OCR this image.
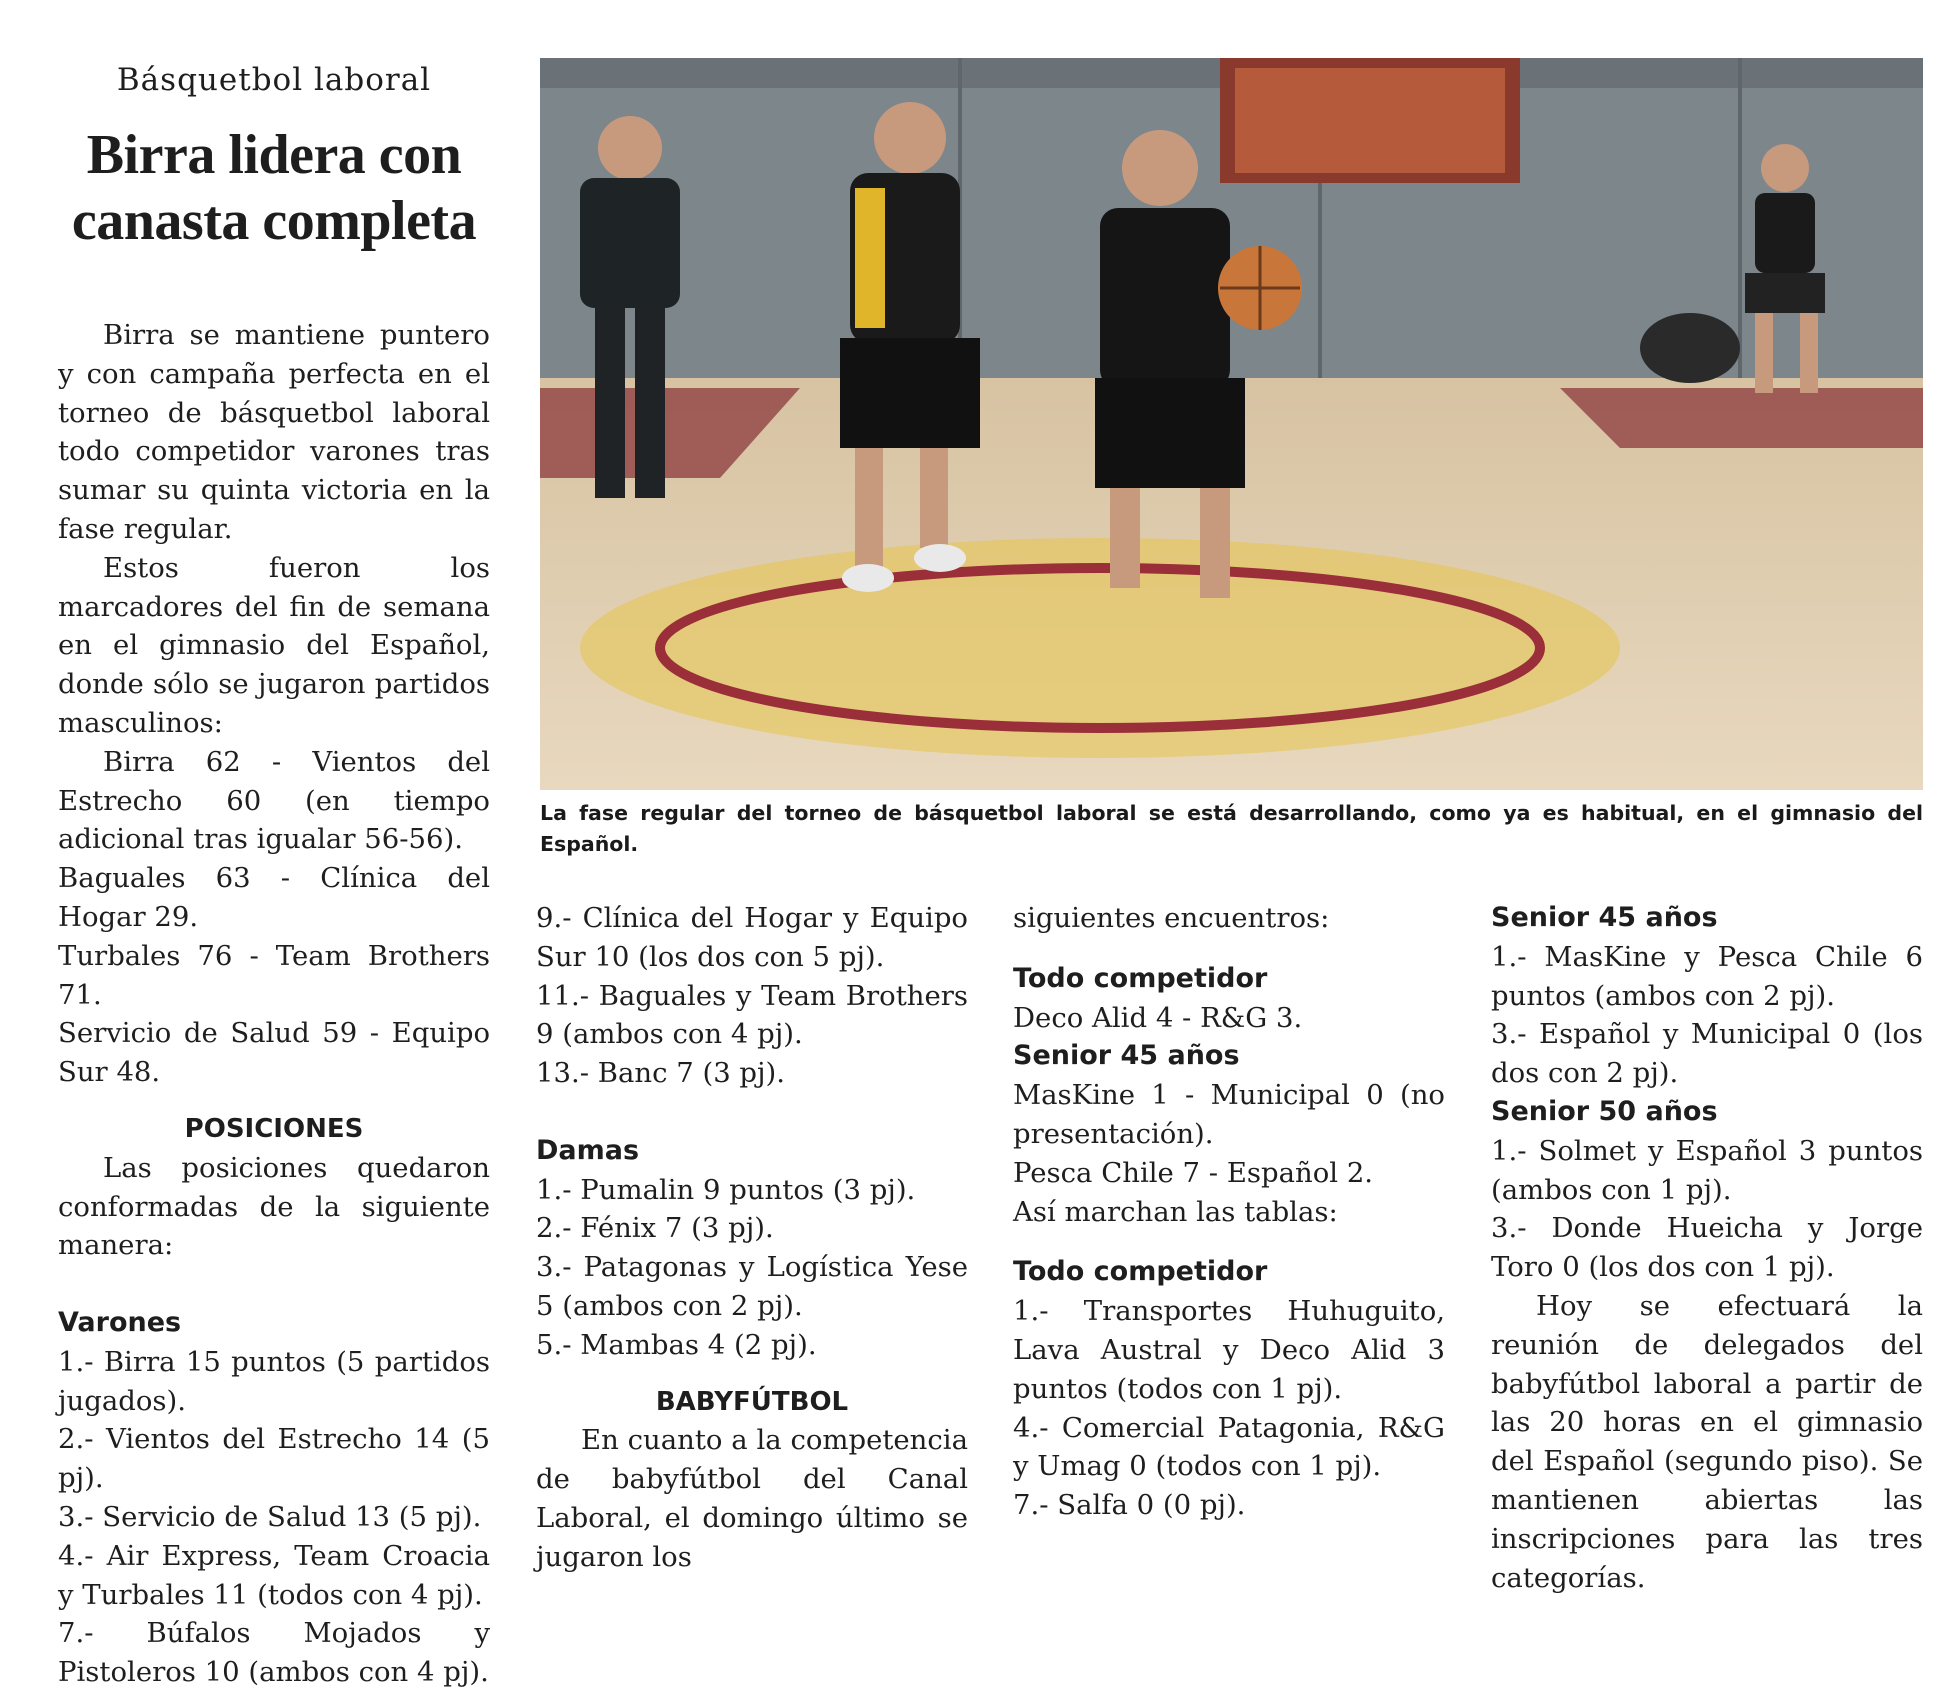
Básquetbol laboral
Birra lidera con canasta completa
La fase regular del torneo de básquetbol laboral se está desarrollando, como ya es habitual, en el gimnasio del Español.

Birra se mantiene puntero y con campaña perfecta en el torneo de básquetbol laboral todo competidor varones tras sumar su quinta victoria en la fase regular.

Estos fueron los marcadores del fin de semana en el gimnasio del Español, donde sólo se jugaron partidos masculinos:

Birra 62 - Vientos del Estrecho 60 (en tiempo adicional tras igualar 56-56).

Baguales 63 - Clínica del Hogar 29.

Turbales 76 - Team Brothers 71.

Servicio de Salud 59 - Equipo Sur 48.

POSICIONES

Las posiciones quedaron conformadas de la siguiente manera:

Varones

1.- Birra 15 puntos (5 partidos jugados).

2.- Vientos del Estrecho 14 (5 pj).

3.- Servicio de Salud 13 (5 pj).

4.- Air Express, Team Croacia y Turbales 11 (todos con 4 pj).

7.- Búfalos Mojados y Pistoleros 10 (ambos con 4 pj).

9.- Clínica del Hogar y Equipo Sur 10 (los dos con 5 pj).

11.- Baguales y Team Brothers 9 (ambos con 4 pj).

13.- Banc 7 (3 pj).

Damas

1.- Pumalin 9 puntos (3 pj).

2.- Fénix 7 (3 pj).

3.- Patagonas y Logística Yese 5 (ambos con 2 pj).

5.- Mambas 4 (2 pj).

BABYFÚTBOL

En cuanto a la competencia de babyfútbol del Canal Laboral, el domingo último se jugaron los

siguientes encuentros:

Todo competidor

Deco Alid 4 - R&G 3.

Senior 45 años

MasKine 1 - Municipal 0 (no presentación).

Pesca Chile 7 - Español 2.

Así marchan las tablas:

Todo competidor

1.- Transportes Huhuguito, Lava Austral y Deco Alid 3 puntos (todos con 1 pj).

4.- Comercial Patagonia, R&G y Umag 0 (todos con 1 pj).

7.- Salfa 0 (0 pj).

Senior 45 años

1.- MasKine y Pesca Chile 6 puntos (ambos con 2 pj).

3.- Español y Municipal 0 (los dos con 2 pj).

Senior 50 años

1.- Solmet y Español 3 puntos (ambos con 1 pj).

3.- Donde Hueicha y Jorge Toro 0 (los dos con 1 pj).

Hoy se efectuará la reunión de delegados del babyfútbol laboral a partir de las 20 horas en el gimnasio del Español (segundo piso). Se mantienen abiertas las inscripciones para las tres categorías.
